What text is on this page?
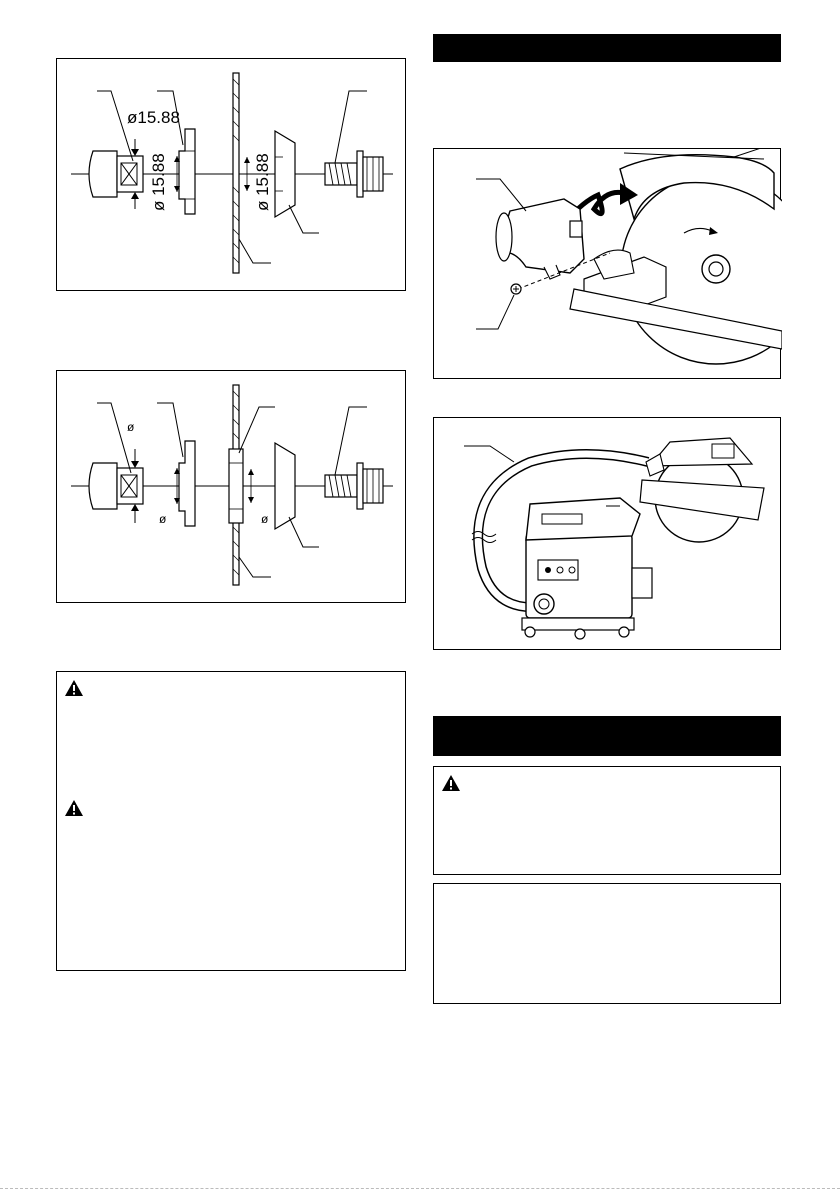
ø15.88
ø 15.88	ø 15.88
ø
ø	ø
